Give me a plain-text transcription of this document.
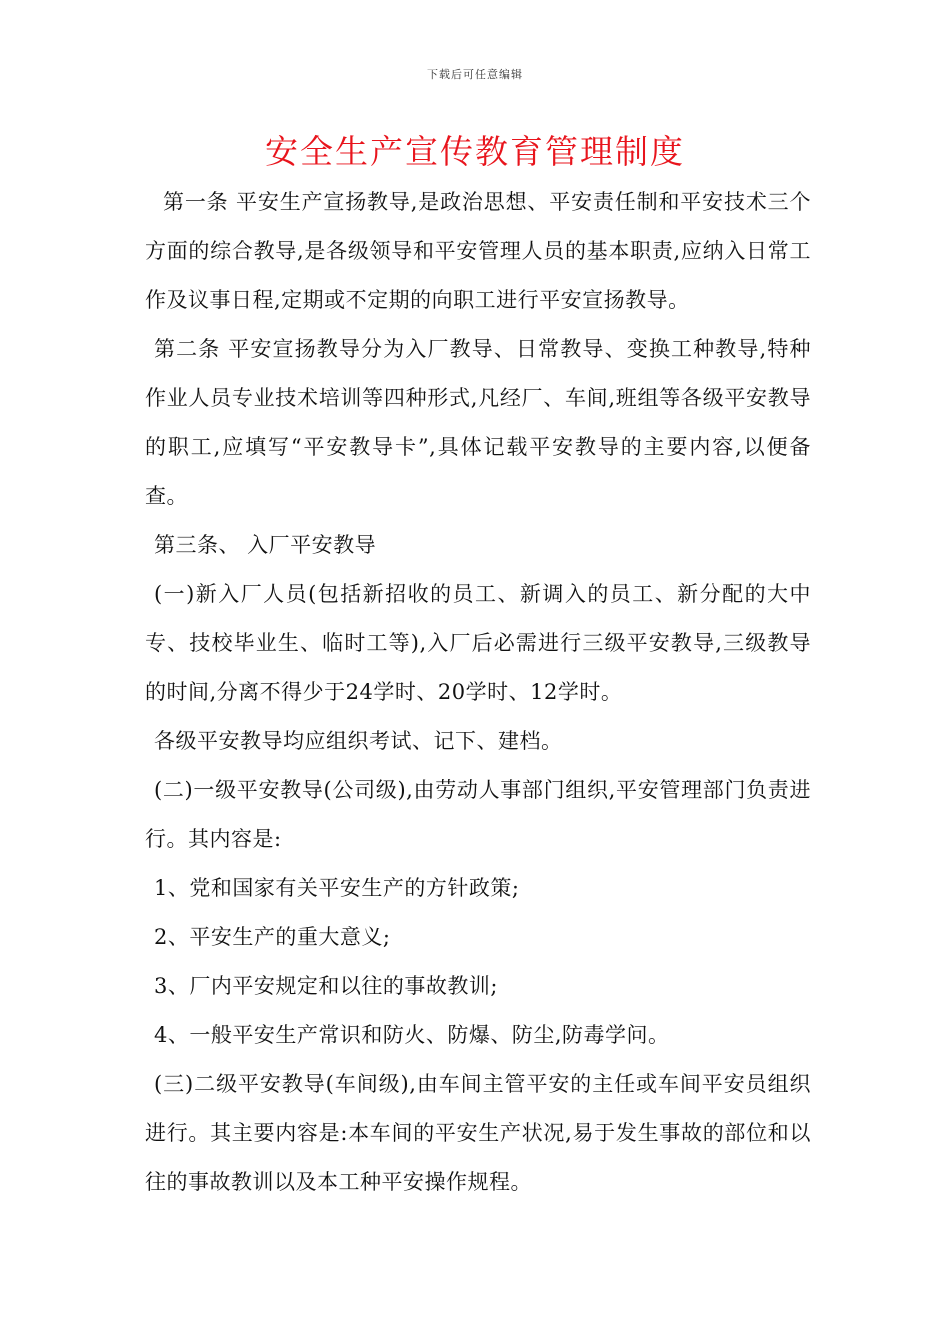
下载后可任意编辑
安全生产宣传教育管理制度

第一条 平安生产宣扬教导,是政治思想、平安责任制和平安技术三个方面的综合教导,是各级领导和平安管理人员的基本职责,应纳入日常工作及议事日程,定期或不定期的向职工进行平安宣扬教导。

第二条 平安宣扬教导分为入厂教导、日常教导、变换工种教导,特种作业人员专业技术培训等四种形式,凡经厂、车间,班组等各级平安教导的职工,应填写“平安教导卡”,具体记载平安教导的主要内容,以便备查。

第三条、 入厂平安教导

(一)新入厂人员(包括新招收的员工、新调入的员工、新分配的大中专、技校毕业生、临时工等),入厂后必需进行三级平安教导,三级教导的时间,分离不得少于24学时、20学时、12学时。

各级平安教导均应组织考试、记下、建档。

(二)一级平安教导(公司级),由劳动人事部门组织,平安管理部门负责进行。其内容是:

1、党和国家有关平安生产的方针政策;

2、平安生产的重大意义;

3、厂内平安规定和以往的事故教训;

4、一般平安生产常识和防火、防爆、防尘,防毒学问。

(三)二级平安教导(车间级),由车间主管平安的主任或车间平安员组织进行。其主要内容是:本车间的平安生产状况,易于发生事故的部位和以往的事故教训以及本工种平安操作规程。
